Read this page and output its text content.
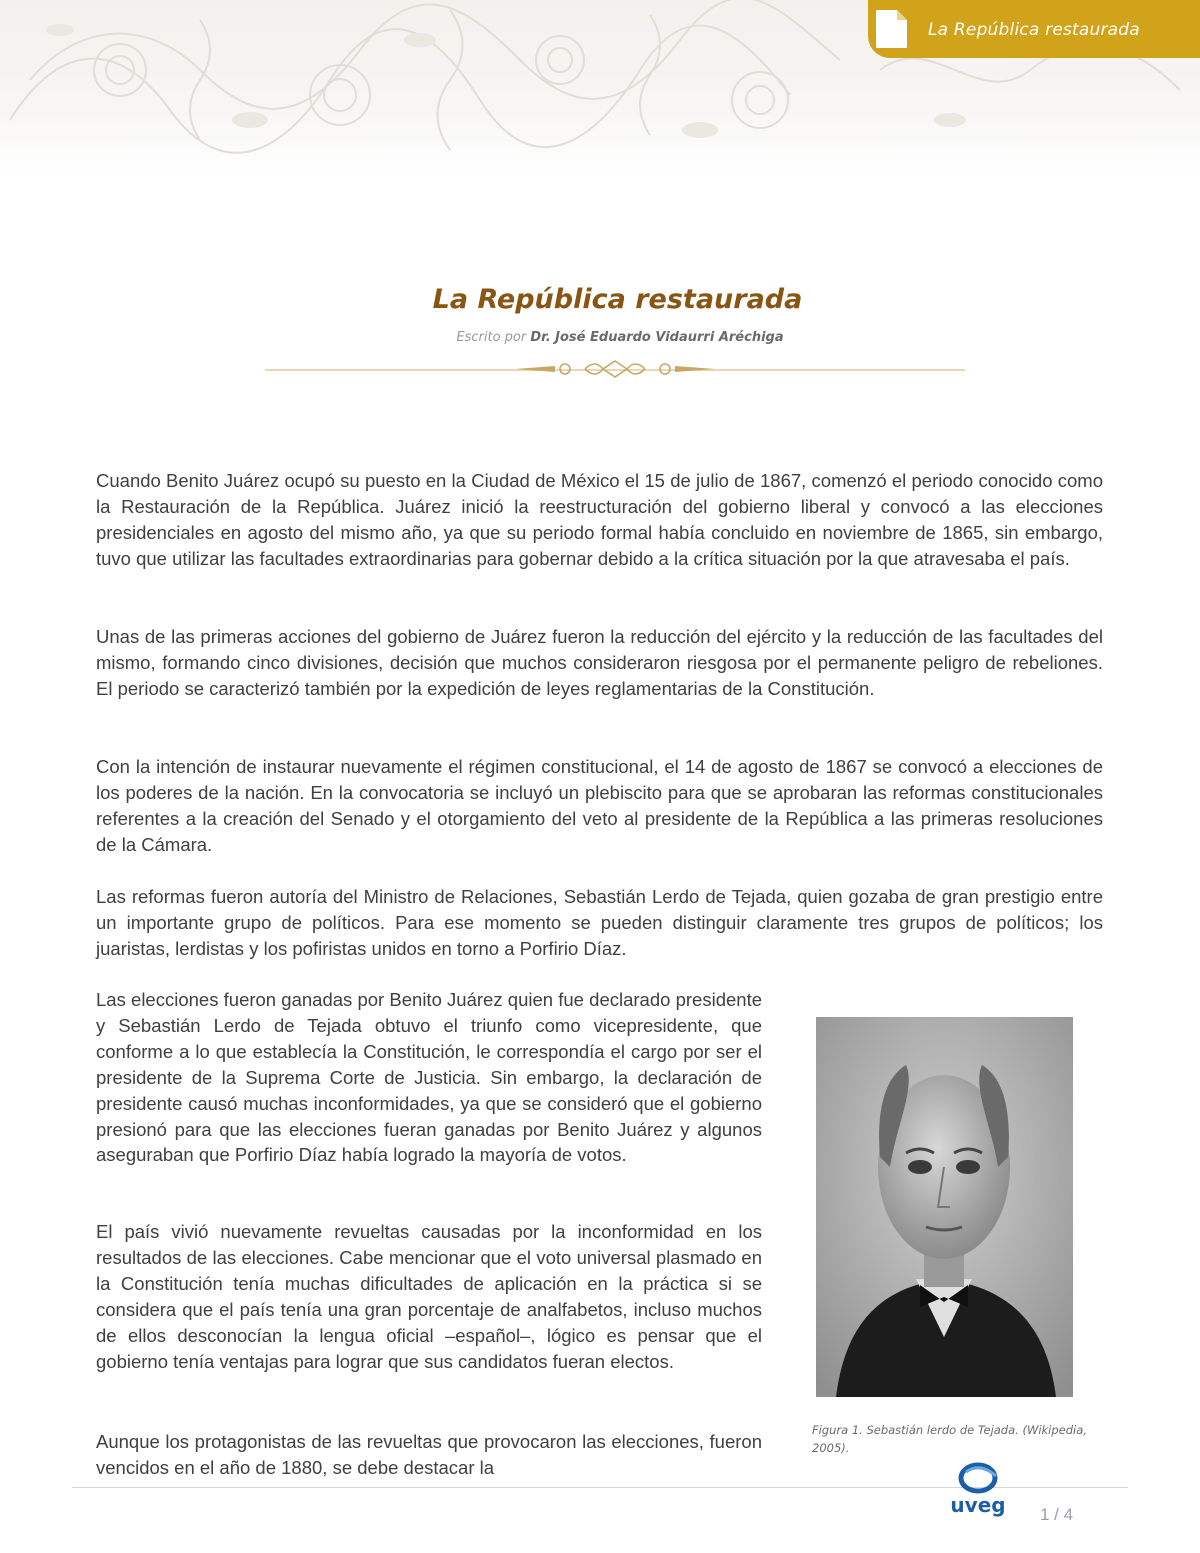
La República restaurada
La República restaurada
Escrito por Dr. José Eduardo Vidaurri Aréchiga

Cuando Benito Juárez ocupó su puesto en la Ciudad de México el 15 de julio de 1867, comenzó el periodo conocido como la Restauración de la República. Juárez inició la reestructuración del gobierno liberal y convocó a las elecciones presidenciales en agosto del mismo año, ya que su periodo formal había concluido en noviembre de 1865, sin embargo, tuvo que utilizar las facultades extraordinarias para gobernar debido a la crítica situación por la que atravesaba el país.

Unas de las primeras acciones del gobierno de Juárez fueron la reducción del ejército y la reducción de las facultades del mismo, formando cinco divisiones, decisión que muchos consideraron riesgosa por el permanente peligro de rebeliones. El periodo se caracterizó también por la expedición de leyes reglamentarias de la Constitución.

Con la intención de instaurar nuevamente el régimen constitucional, el 14 de agosto de 1867 se convocó a elecciones de los poderes de la nación. En la convocatoria se incluyó un plebiscito para que se aprobaran las reformas constitucionales referentes a la creación del Senado y el otorgamiento del veto al presidente de la República a las primeras resoluciones de la Cámara.

Las reformas fueron autoría del Ministro de Relaciones, Sebastián Lerdo de Tejada, quien gozaba de gran prestigio entre un importante grupo de políticos. Para ese momento se pueden distinguir claramente tres grupos de políticos; los juaristas, lerdistas y los pofiristas unidos en torno a Porfirio Díaz.

Las elecciones fueron ganadas por Benito Juárez quien fue declarado presidente y Sebastián Lerdo de Tejada obtuvo el triunfo como vicepresidente, que conforme a lo que establecía la Constitución, le correspondía el cargo por ser el presidente de la Suprema Corte de Justicia. Sin embargo, la declaración de presidente causó muchas inconformidades, ya que se consideró que el gobierno presionó para que las elecciones fueran ganadas por Benito Juárez y algunos aseguraban que Porfirio Díaz había logrado la mayoría de votos.

El país vivió nuevamente revueltas causadas por la inconformidad en los resultados de las elecciones. Cabe mencionar que el voto universal plasmado en la Constitución tenía muchas dificultades de aplicación en la práctica si se considera que el país tenía una gran porcentaje de analfabetos, incluso muchos de ellos desconocían la lengua oficial –español–, lógico es pensar que el gobierno tenía ventajas para lograr que sus candidatos fueran electos.

Aunque los protagonistas de las revueltas que provocaron las elecciones, fueron vencidos en el año de 1880, se debe destacar la

Figura 1. Sebastián lerdo de Tejada. (Wikipedia, 2005).

uveg 1 / 4
